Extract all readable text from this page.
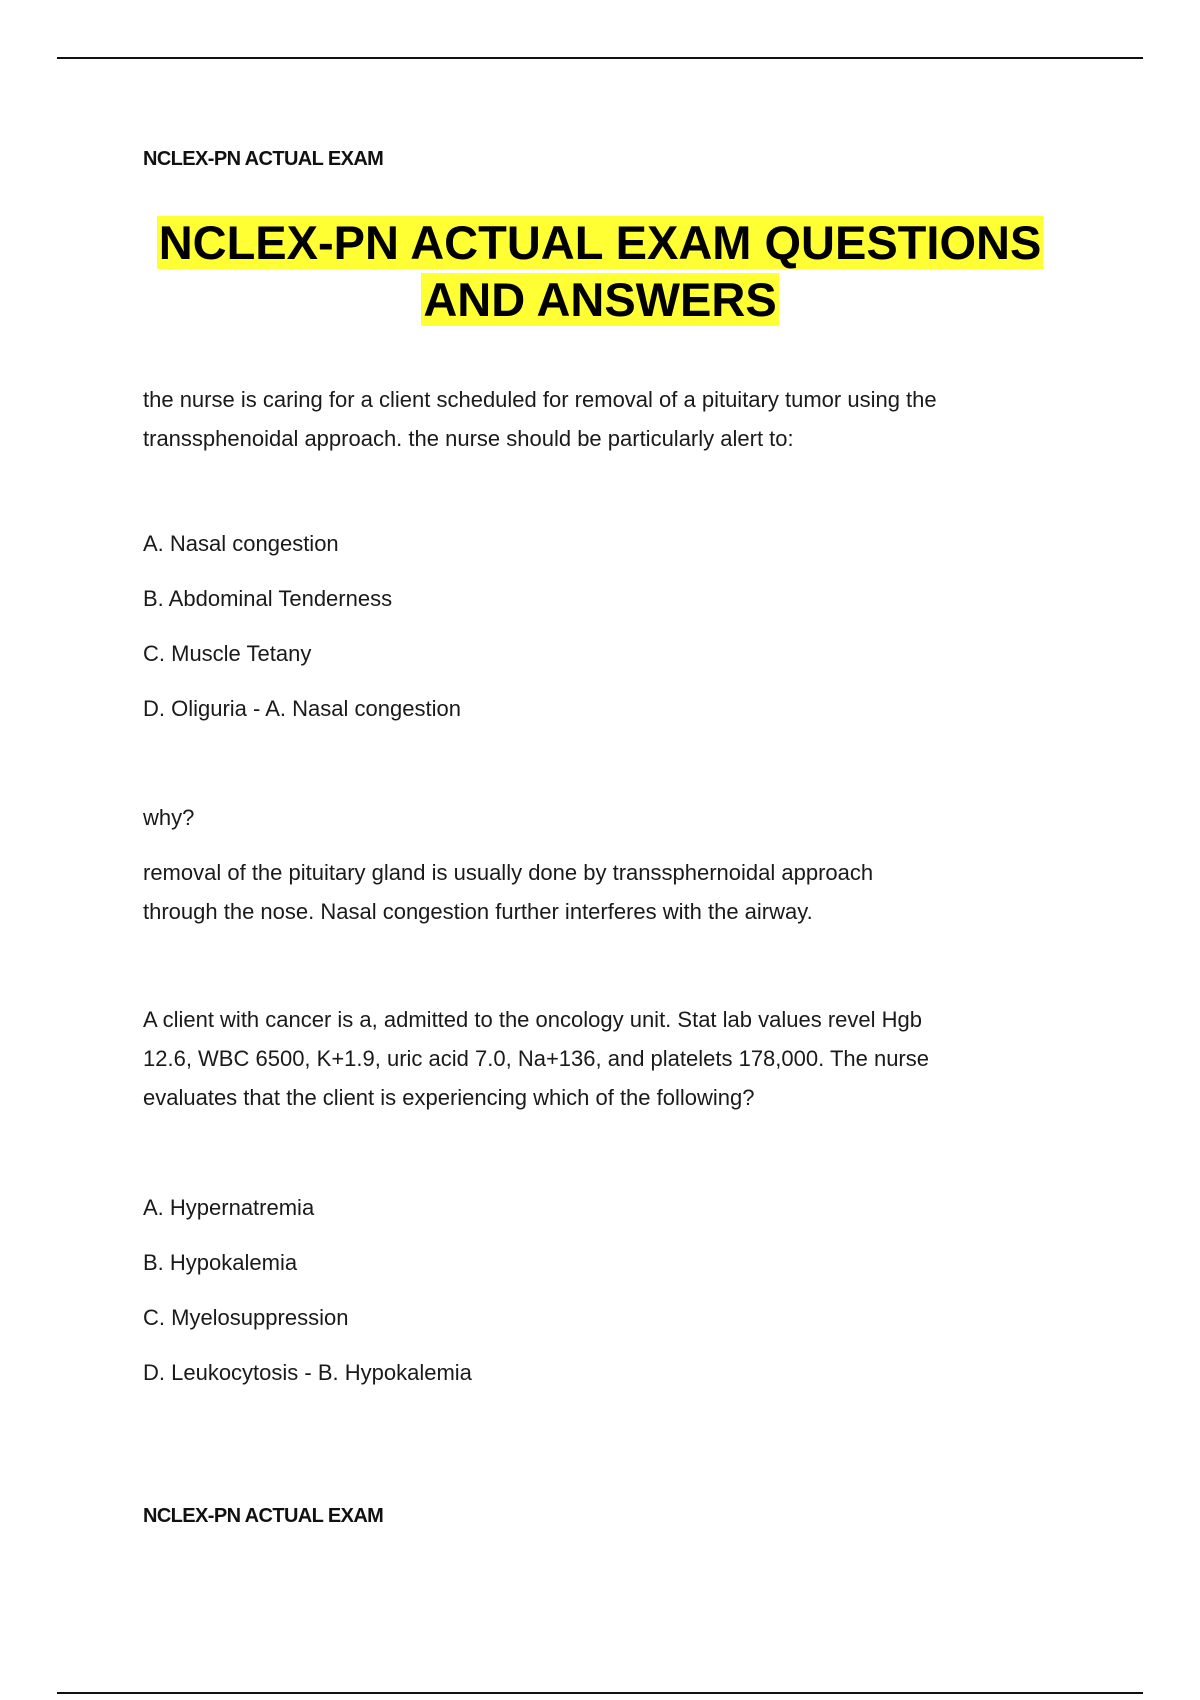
NCLEX-PN ACTUAL EXAM
NCLEX-PN ACTUAL EXAM QUESTIONS
AND ANSWERS
the nurse is caring for a client scheduled for removal of a pituitary tumor using the
transsphenoidal approach. the nurse should be particularly alert to:
A. Nasal congestion
B. Abdominal Tenderness
C. Muscle Tetany
D. Oliguria - A. Nasal congestion
why?
removal of the pituitary gland is usually done by transsphernoidal approach
through the nose. Nasal congestion further interferes with the airway.
A client with cancer is a, admitted to the oncology unit. Stat lab values revel Hgb
12.6, WBC 6500, K+1.9, uric acid 7.0, Na+136, and platelets 178,000. The nurse
evaluates that the client is experiencing which of the following?
A. Hypernatremia
B. Hypokalemia
C. Myelosuppression
D. Leukocytosis - B. Hypokalemia
NCLEX-PN ACTUAL EXAM
